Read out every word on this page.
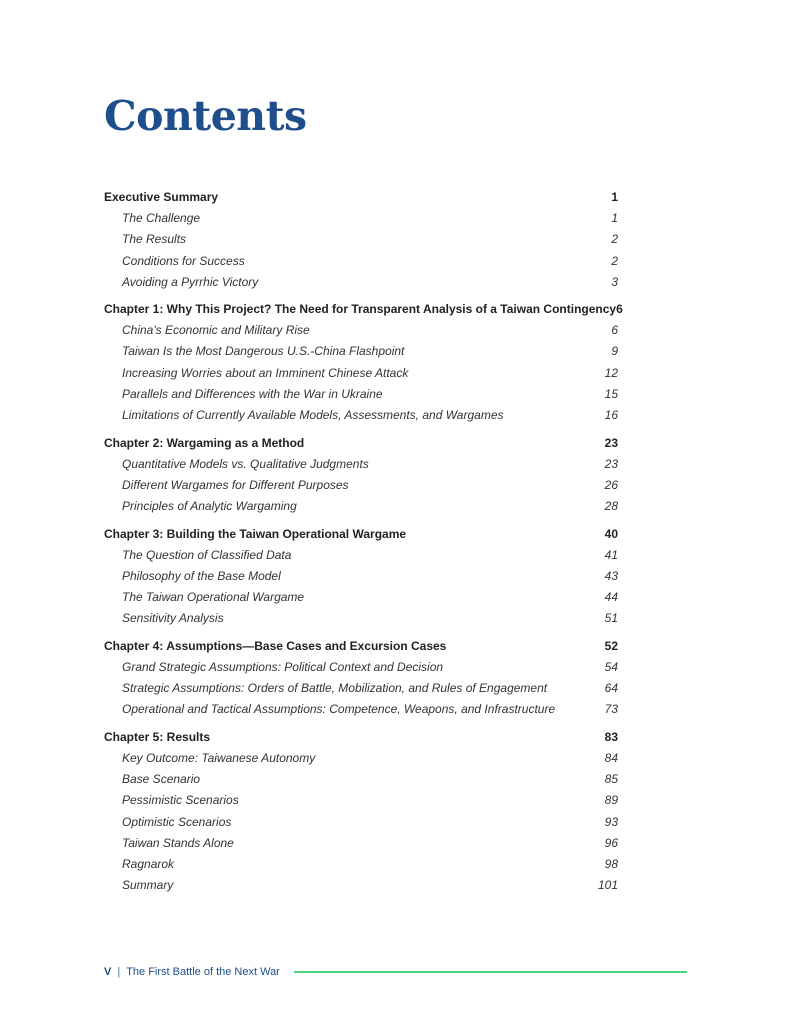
Contents
Executive Summary	1
The Challenge	1
The Results	2
Conditions for Success	2
Avoiding a Pyrrhic Victory	3
Chapter 1: Why This Project? The Need for Transparent Analysis of a Taiwan Contingency 6
China's Economic and Military Rise	6
Taiwan Is the Most Dangerous U.S.-China Flashpoint	9
Increasing Worries about an Imminent Chinese Attack	12
Parallels and Differences with the War in Ukraine	15
Limitations of Currently Available Models, Assessments, and Wargames	16
Chapter 2: Wargaming as a Method	23
Quantitative Models vs. Qualitative Judgments	23
Different Wargames for Different Purposes	26
Principles of Analytic Wargaming	28
Chapter 3: Building the Taiwan Operational Wargame	40
The Question of Classified Data	41
Philosophy of the Base Model	43
The Taiwan Operational Wargame	44
Sensitivity Analysis	51
Chapter 4: Assumptions—Base Cases and Excursion Cases	52
Grand Strategic Assumptions: Political Context and Decision	54
Strategic Assumptions: Orders of Battle, Mobilization, and Rules of Engagement	64
Operational and Tactical Assumptions: Competence, Weapons, and Infrastructure	73
Chapter 5: Results	83
Key Outcome: Taiwanese Autonomy	84
Base Scenario	85
Pessimistic Scenarios	89
Optimistic Scenarios	93
Taiwan Stands Alone	96
Ragnarok	98
Summary	101
V | The First Battle of the Next War
